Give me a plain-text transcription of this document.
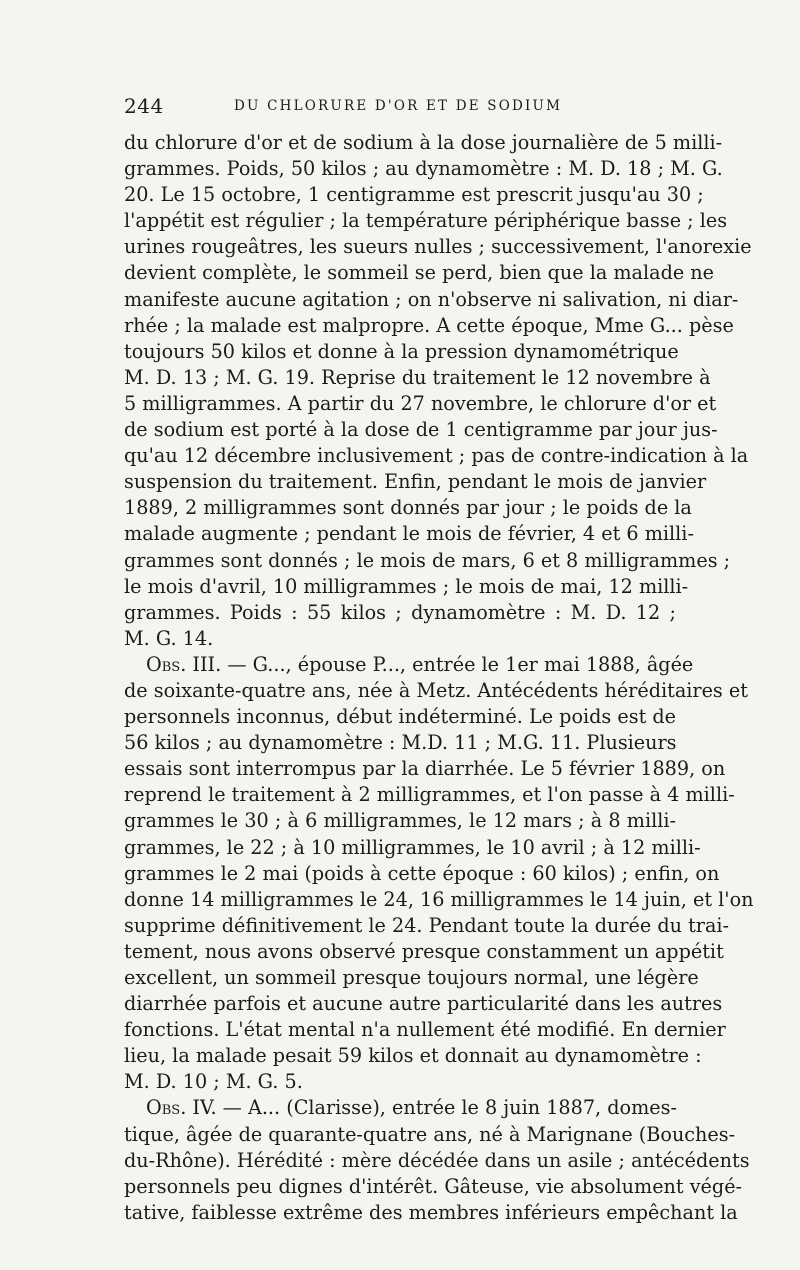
244	DU CHLORURE D'OR ET DE SODIUM
du chlorure d'or et de sodium à la dose journalière de 5 milli-
grammes. Poids, 50 kilos ; au dynamomètre : M. D. 18 ; M. G.
20. Le 15 octobre, 1 centigramme est prescrit jusqu'au 30 ;
l'appétit est régulier ; la température périphérique basse ; les
urines rougeâtres, les sueurs nulles ; successivement, l'anorexie
devient complète, le sommeil se perd, bien que la malade ne
manifeste aucune agitation ; on n'observe ni salivation, ni diar-
rhée ; la malade est malpropre. A cette époque, Mme G... pèse
toujours 50 kilos et donne à la pression dynamométrique
M. D. 13 ; M. G. 19. Reprise du traitement le 12 novembre à
5 milligrammes. A partir du 27 novembre, le chlorure d'or et
de sodium est porté à la dose de 1 centigramme par jour jus-
qu'au 12 décembre inclusivement ; pas de contre-indication à la
suspension du traitement. Enfin, pendant le mois de janvier
1889, 2 milligrammes sont donnés par jour ; le poids de la
malade augmente ; pendant le mois de février, 4 et 6 milli-
grammes sont donnés ; le mois de mars, 6 et 8 milligrammes ;
le mois d'avril, 10 milligrammes ; le mois de mai, 12 milli-
grammes. Poids : 55 kilos ; dynamomètre : M. D. 12 ;
M. G. 14.
Obs. III. — G..., épouse P..., entrée le 1er mai 1888, âgée
de soixante-quatre ans, née à Metz. Antécédents héréditaires et
personnels inconnus, début indéterminé. Le poids est de
56 kilos ; au dynamomètre : M.D. 11 ; M.G. 11. Plusieurs
essais sont interrompus par la diarrhée. Le 5 février 1889, on
reprend le traitement à 2 milligrammes, et l'on passe à 4 milli-
grammes le 30 ; à 6 milligrammes, le 12 mars ; à 8 milli-
grammes, le 22 ; à 10 milligrammes, le 10 avril ; à 12 milli-
grammes le 2 mai (poids à cette époque : 60 kilos) ; enfin, on
donne 14 milligrammes le 24, 16 milligrammes le 14 juin, et l'on
supprime définitivement le 24. Pendant toute la durée du trai-
tement, nous avons observé presque constamment un appétit
excellent, un sommeil presque toujours normal, une légère
diarrhée parfois et aucune autre particularité dans les autres
fonctions. L'état mental n'a nullement été modifié. En dernier
lieu, la malade pesait 59 kilos et donnait au dynamomètre :
M. D. 10 ; M. G. 5.
Obs. IV. — A... (Clarisse), entrée le 8 juin 1887, domes-
tique, âgée de quarante-quatre ans, né à Marignane (Bouches-
du-Rhône). Hérédité : mère décédée dans un asile ; antécédents
personnels peu dignes d'intérêt. Gâteuse, vie absolument végé-
tative, faiblesse extrême des membres inférieurs empêchant la
